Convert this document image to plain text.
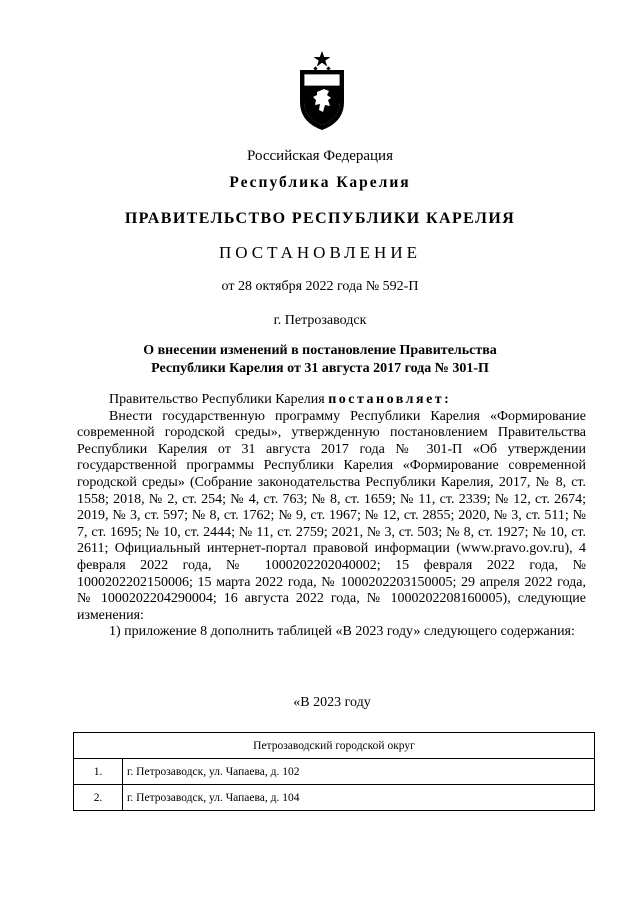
Российская Федерация
Республика Карелия
ПРАВИТЕЛЬСТВО РЕСПУБЛИКИ КАРЕЛИЯ
ПОСТАНОВЛЕНИЕ
от 28 октября 2022 года № 592-П
г. Петрозаводск
О внесении изменений в постановление Правительства
Республики Карелия от 31 августа 2017 года № 301-П

Правительство Республики Карелия постановляет:

Внести государственную программу Республики Карелия «Формирование современной городской среды», утвержденную постановлением Правительства Республики Карелия от 31 августа 2017 года № 301-П «Об утверждении государственной программы Республики Карелия «Формирование современной городской среды» (Собрание законодательства Республики Карелия, 2017, № 8, ст. 1558; 2018, № 2, ст. 254; № 4, ст. 763; № 8, ст. 1659; № 11, ст. 2339; № 12, ст. 2674; 2019, № 3, ст. 597; № 8, ст. 1762; № 9, ст. 1967; № 12, ст. 2855; 2020, № 3, ст. 511; № 7, ст. 1695; № 10, ст. 2444; № 11, ст. 2759; 2021, № 3, ст. 503; № 8, ст. 1927; № 10, ст. 2611; Официальный интернет-портал правовой информации (www.pravo.gov.ru), 4 февраля 2022 года, № 1000202202040002; 15 февраля 2022 года, № 1000202202150006; 15 марта 2022 года, № 1000202203150005; 29 апреля 2022 года, № 1000202204290004; 16 августа 2022 года, № 1000202208160005), следующие изменения:

1) приложение 8 дополнить таблицей «В 2023 году» следующего содержания:

«В 2023 году
Петрозаводский городской округ	
1.	г. Петрозаводск, ул. Чапаева, д. 102
2.	г. Петрозаводск, ул. Чапаева, д. 104
